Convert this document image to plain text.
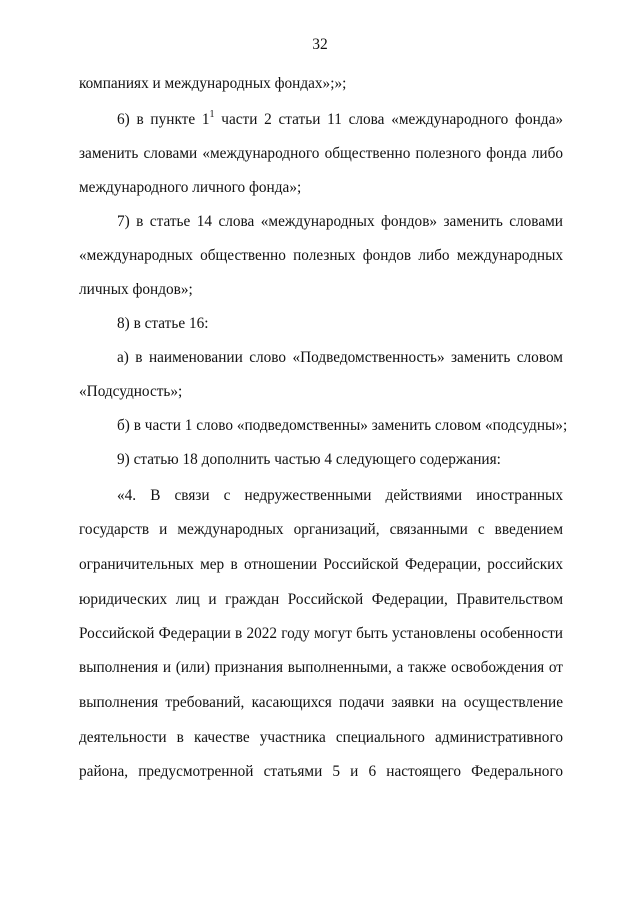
32
компаниях и международных фондах»;»;
6) в пункте $1^1$ части 2 статьи 11 слова «международного фонда»
заменить словами «международного общественно полезного фонда либо
международного личного фонда»;
7) в статье 14 слова «международных фондов» заменить словами
«международных общественно полезных фондов либо международных
личных фондов»;
8) в статье 16:
а) в наименовании слово «Подведомственность» заменить словом
«Подсудность»;
б) в части 1 слово «подведомственны» заменить словом «подсудны»;
9) статью 18 дополнить частью 4 следующего содержания:
«4. В связи с недружественными действиями иностранных
государств и международных организаций, связанными с введением
ограничительных мер в отношении Российской Федерации, российских
юридических лиц и граждан Российской Федерации, Правительством
Российской Федерации в 2022 году могут быть установлены особенности
выполнения и (или) признания выполненными, а также освобождения от
выполнения требований, касающихся подачи заявки на осуществление
деятельности в качестве участника специального административного
района, предусмотренной статьями 5 и 6 настоящего Федерального
